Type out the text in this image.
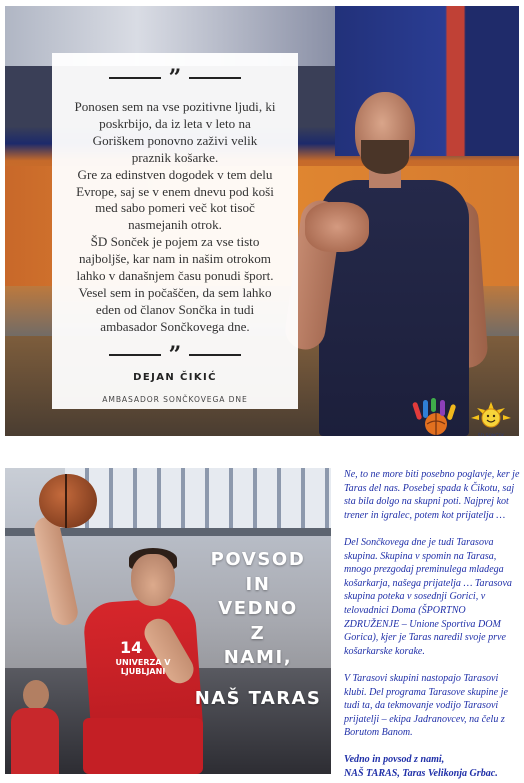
”

Ponosen sem na vse pozitivne ljudi, ki

poskrbijo, da iz leta v leto na

Goriškem ponovno zaživi velik

praznik košarke.

Gre za edinstven dogodek v tem delu

Evrope, saj se v enem dnevu pod koši

med sabo pomeri več kot tisoč

nasmejanih otrok.

ŠD Sonček je pojem za vse tisto

najboljše, kar nam in našim otrokom

lahko v današnjem času ponudi šport.

Vesel sem in počaščen, da sem lahko

eden od članov Sončka in tudi

ambasador Sončkovega dne.

”
DEJAN ČIKIĆ
AMBASADOR SONČKOVEGA DNE
ŠD SONČEK
14
UNIVERZA V LJUBLJANI
POVSOD
IN
VEDNO
Z
NAMI,
NAŠ TARAS

Ne, to ne more biti posebno poglavje, ker je Taras del nas. Posebej spada k Čikotu, saj sta bila dolgo na skupni poti. Najprej kot trener in igralec, potem kot prijatelja …

Del Sončkovega dne je tudi Tarasova skupina. Skupina v spomin na Tarasa, mnogo prezgodaj preminulega mladega košarkarja, našega prijatelja … Tarasova skupina poteka v sosednji Gorici, v telovadnici Doma (ŠPORTNO ZDRUŽENJE – Unione Sportiva DOM Gorica), kjer je Taras naredil svoje prve košarkarske korake.

V Tarasovi skupini nastopajo Tarasovi klubi. Del programa Tarasove skupine je tudi ta, da tekmovanje vodijo Tarasovi prijatelji – ekipa Jadranovcev, na čelu z Borutom Banom.

Vedno in povsod z nami,

NAŠ TARAS, Taras Velikonja Grbac.
